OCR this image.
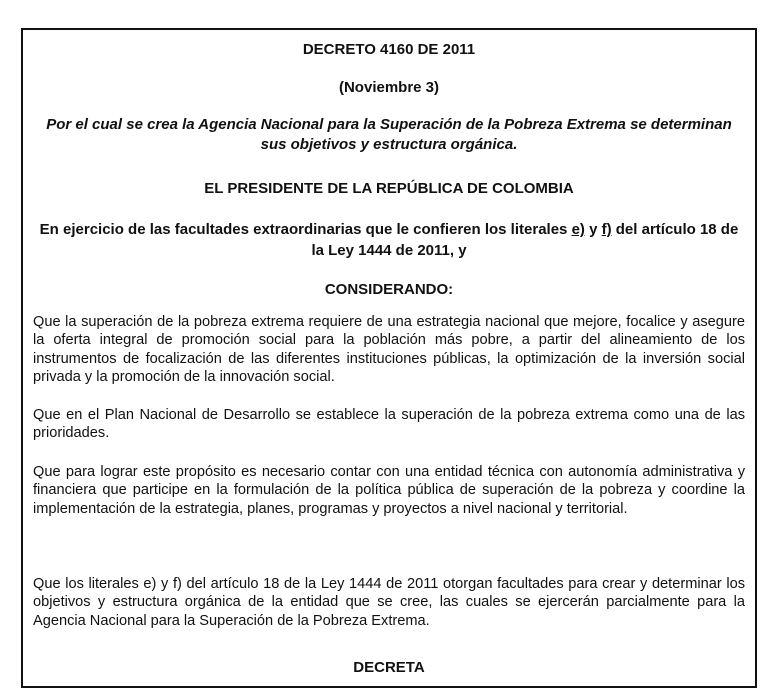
DECRETO 4160 DE 2011
(Noviembre 3)
Por el cual se crea la Agencia Nacional para la Superación de la Pobreza Extrema se determinan sus objetivos y estructura orgánica.
EL PRESIDENTE DE LA REPÚBLICA DE COLOMBIA
En ejercicio de las facultades extraordinarias que le confieren los literales e) y f) del artículo 18 de la Ley 1444 de 2011, y
CONSIDERANDO:

Que la superación de la pobreza extrema requiere de una estrategia nacional que mejore, focalice y asegure la oferta integral de promoción social para la población más pobre, a partir del alineamiento de los instrumentos de focalización de las diferentes instituciones públicas, la optimización de la inversión social privada y la promoción de la innovación social.

Que en el Plan Nacional de Desarrollo se establece la superación de la pobreza extrema como una de las prioridades.

Que para lograr este propósito es necesario contar con una entidad técnica con autonomía administrativa y financiera que participe en la formulación de la política pública de superación de la pobreza y coordine la implementación de la estrategia, planes, programas y proyectos a nivel nacional y territorial.

Que los literales e) y f) del artículo 18 de la Ley 1444 de 2011 otorgan facultades para crear y determinar los objetivos y estructura orgánica de la entidad que se cree, las cuales se ejercerán parcialmente para la Agencia Nacional para la Superación de la Pobreza Extrema.

DECRETA
